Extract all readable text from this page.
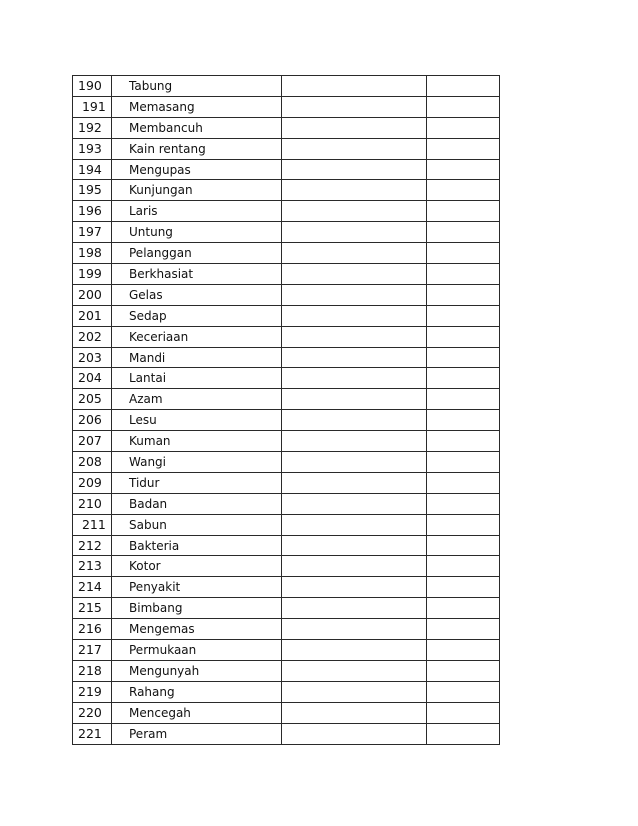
190	Tabung		
191	Memasang		
192	Membancuh		
193	Kain rentang		
194	Mengupas		
195	Kunjungan		
196	Laris		
197	Untung		
198	Pelanggan		
199	Berkhasiat		
200	Gelas		
201	Sedap		
202	Keceriaan		
203	Mandi		
204	Lantai		
205	Azam		
206	Lesu		
207	Kuman		
208	Wangi		
209	Tidur		
210	Badan		
211	Sabun		
212	Bakteria		
213	Kotor		
214	Penyakit		
215	Bimbang		
216	Mengemas		
217	Permukaan		
218	Mengunyah		
219	Rahang		
220	Mencegah		
221	Peram		
